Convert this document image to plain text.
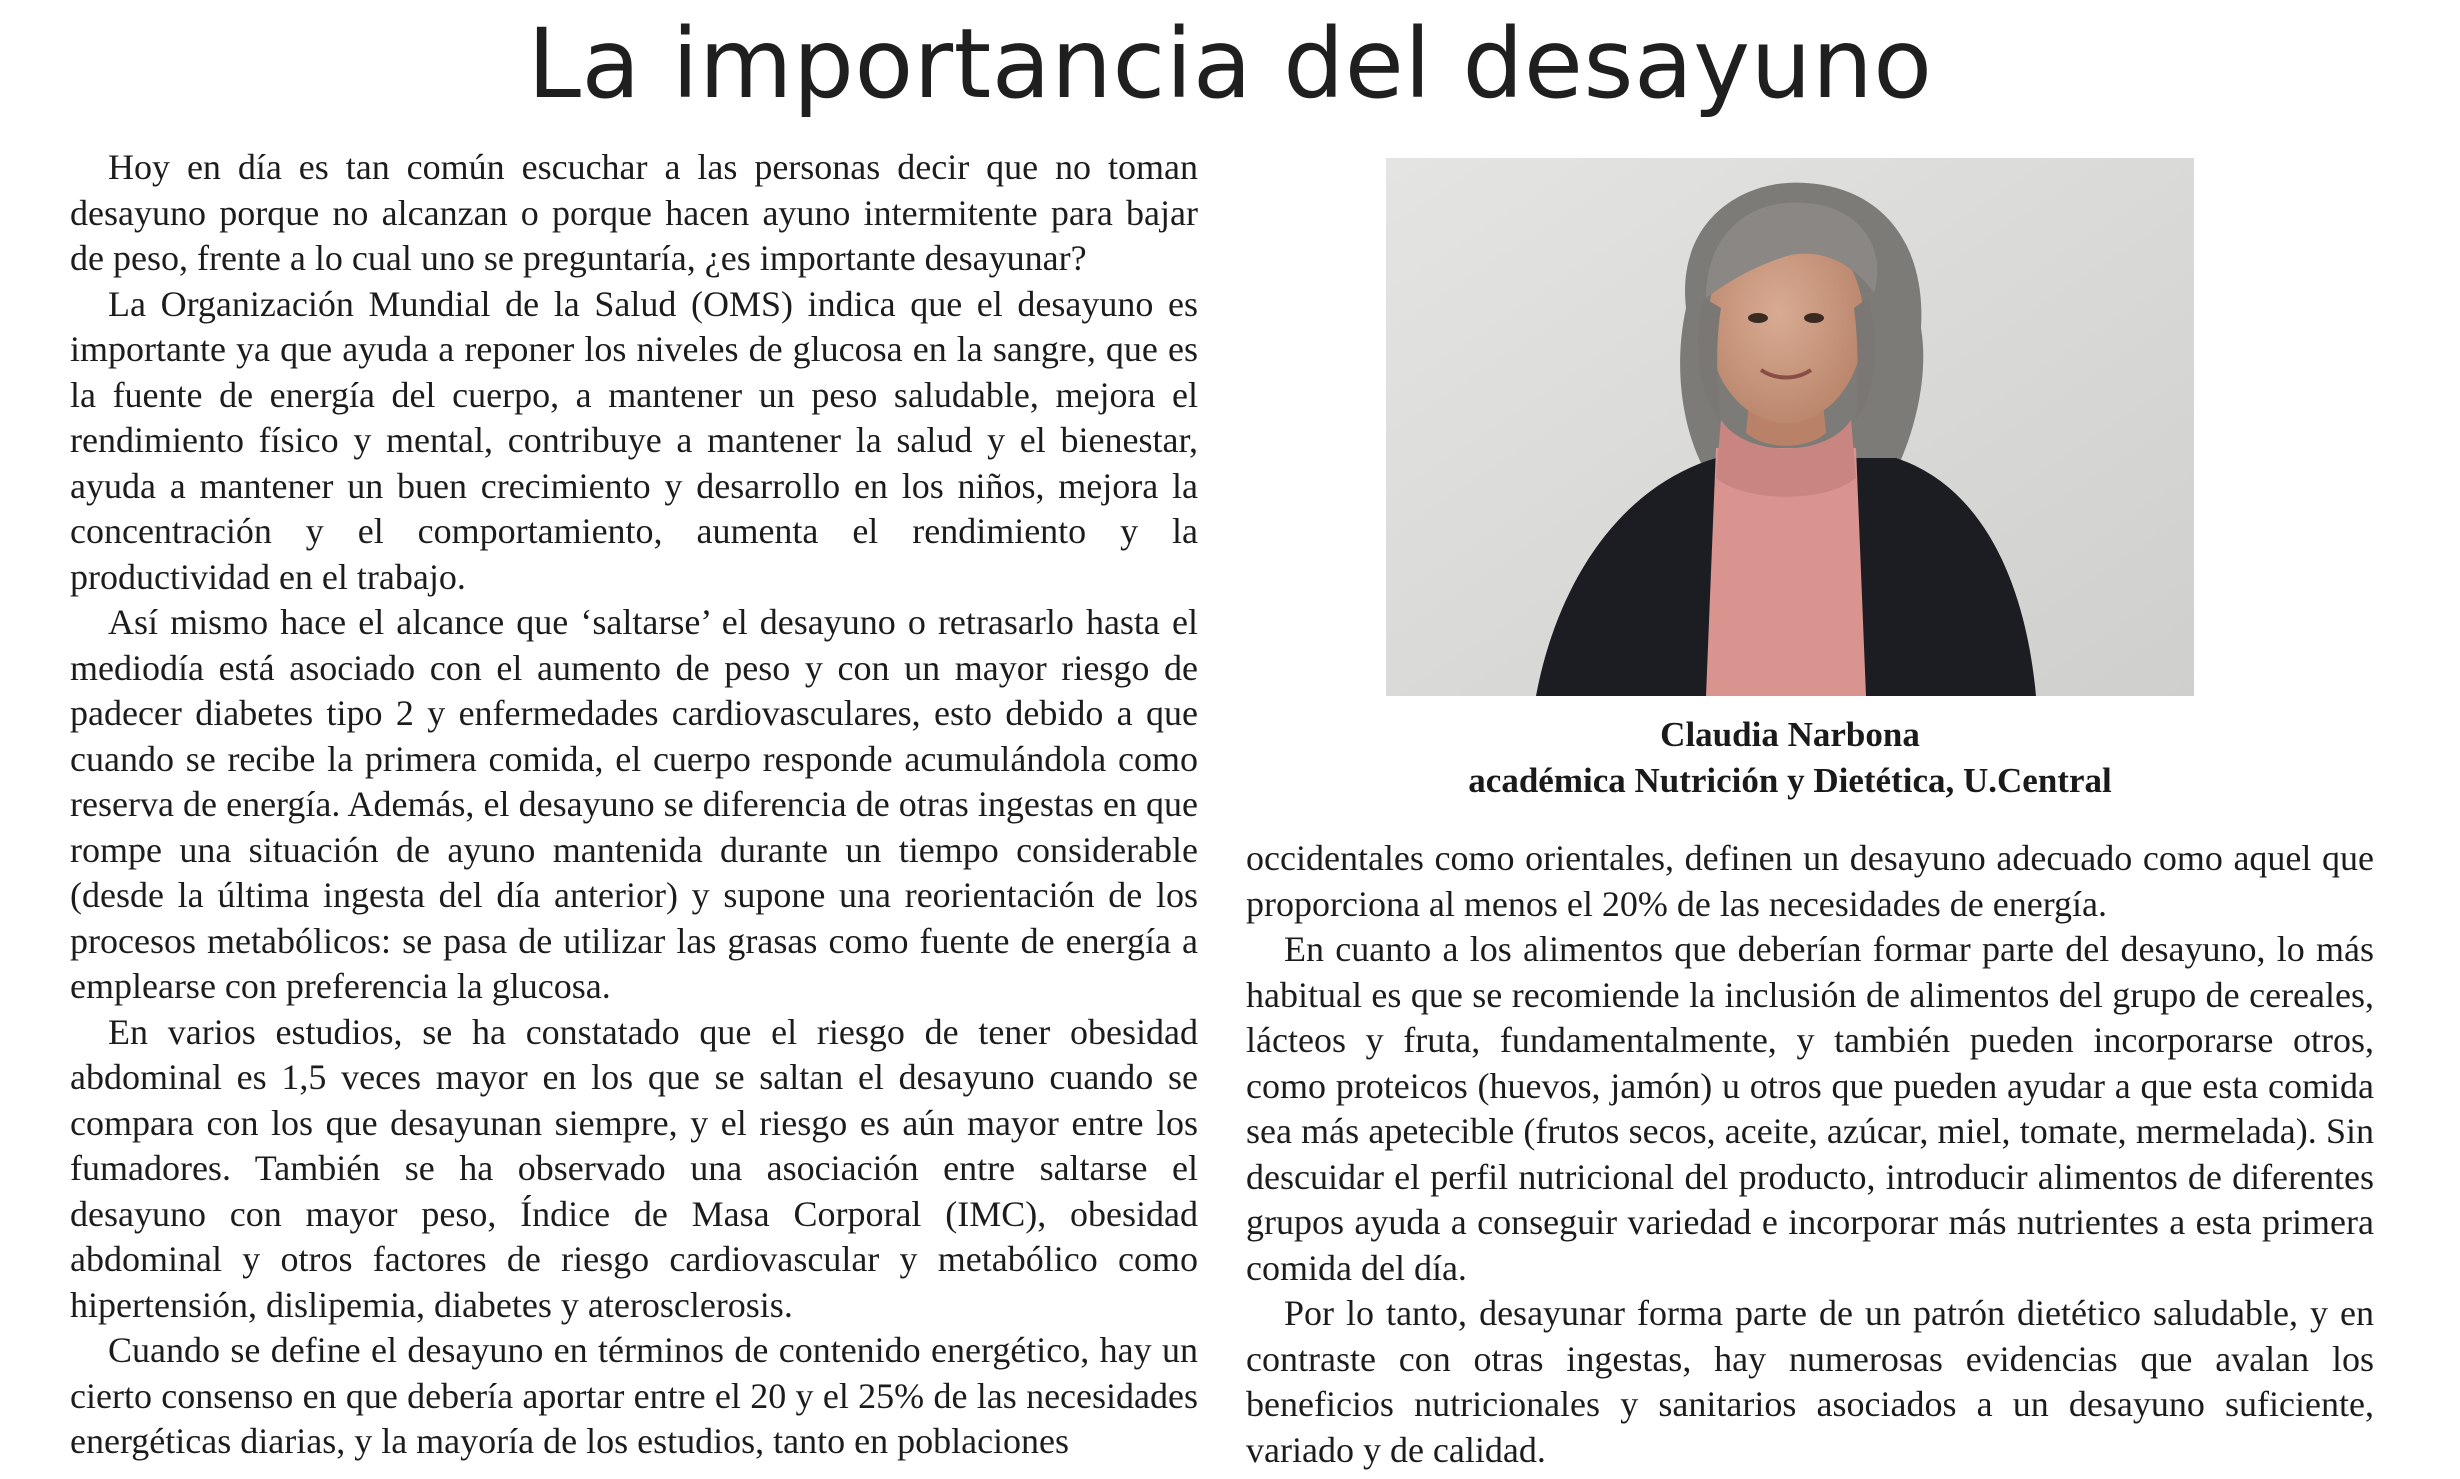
La importancia del desayuno

Hoy en día es tan común escuchar a las personas decir que no toman desayuno porque no alcanzan o porque hacen ayuno intermitente para bajar de peso, frente a lo cual uno se preguntaría, ¿es importante desayunar?

La Organización Mundial de la Salud (OMS) indica que el desayuno es importante ya que ayuda a reponer los niveles de glucosa en la sangre, que es la fuente de energía del cuerpo, a mantener un peso saludable, mejora el rendimiento físico y mental, contribuye a mantener la salud y el bienestar, ayuda a mantener un buen crecimiento y desarrollo en los niños, mejora la concentración y el comportamiento, aumenta el rendimiento y la productividad en el trabajo.

Así mismo hace el alcance que ‘saltarse’ el desayuno o retrasarlo hasta el mediodía está asociado con el aumento de peso y con un mayor riesgo de padecer diabetes tipo 2 y enfermedades cardiovasculares, esto debido a que cuando se recibe la primera comida, el cuerpo responde acumulándola como reserva de energía. Además, el desayuno se diferencia de otras ingestas en que rompe una situación de ayuno mantenida durante un tiempo considerable (desde la última ingesta del día anterior) y supone una reorientación de los procesos metabólicos: se pasa de utilizar las grasas como fuente de energía a emplearse con preferencia la glucosa.

En varios estudios, se ha constatado que el riesgo de tener obesidad abdominal es 1,5 veces mayor en los que se saltan el desayuno cuando se compara con los que desayunan siempre, y el riesgo es aún mayor entre los fumadores. También se ha observado una asociación entre saltarse el desayuno con mayor peso, Índice de Masa Corporal (IMC), obesidad abdominal y otros factores de riesgo cardiovascular y metabólico como hipertensión, dislipemia, diabetes y aterosclerosis.

Cuando se define el desayuno en términos de contenido energético, hay un cierto consenso en que debería aportar entre el 20 y el 25% de las necesidades energéticas diarias, y la mayoría de los estudios, tanto en poblaciones

Claudia Narbona
académica Nutrición y Dietética, U.Central

occidentales como orientales, definen un desayuno adecuado como aquel que proporciona al menos el 20% de las necesidades de energía.

En cuanto a los alimentos que deberían formar parte del desayuno, lo más habitual es que se recomiende la inclusión de alimentos del grupo de cereales, lácteos y fruta, fundamentalmente, y también pueden incorporarse otros, como proteicos (huevos, jamón) u otros que pueden ayudar a que esta comida sea más apetecible (frutos secos, aceite, azúcar, miel, tomate, mermelada). Sin descuidar el perfil nutricional del producto, introducir alimentos de diferentes grupos ayuda a conseguir variedad e incorporar más nutrientes a esta primera comida del día.

Por lo tanto, desayunar forma parte de un patrón dietético saludable, y en contraste con otras ingestas, hay numerosas evidencias que avalan los beneficios nutricionales y sanitarios asociados a un desayuno suficiente, variado y de calidad.
